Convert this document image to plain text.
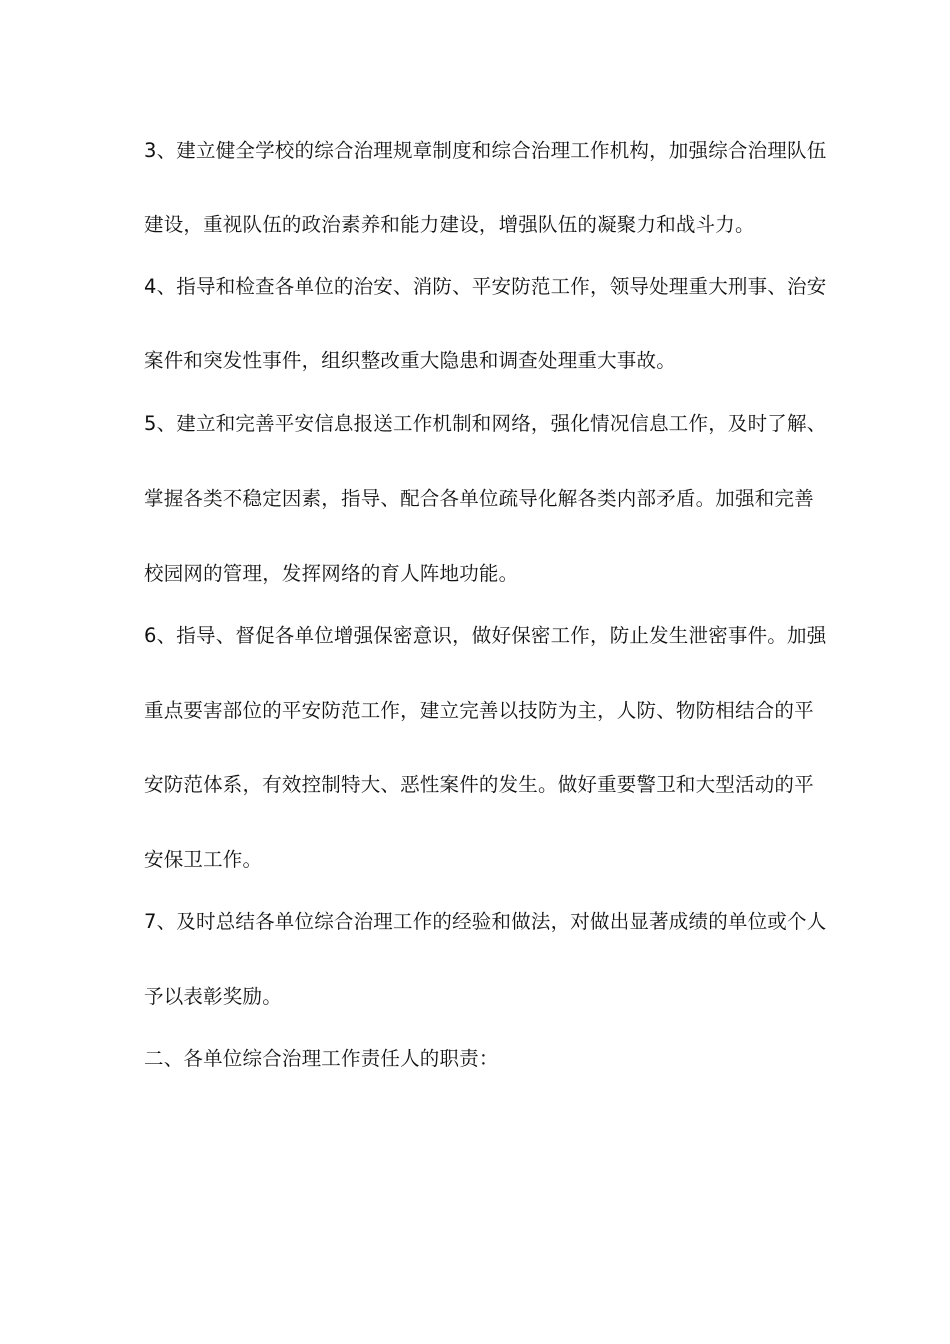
3、建立健全学校的综合治理规章制度和综合治理工作机构，加强综合治理队伍
建设，重视队伍的政治素养和能力建设，增强队伍的凝聚力和战斗力。
4、指导和检查各单位的治安、消防、平安防范工作，领导处理重大刑事、治安
案件和突发性事件，组织整改重大隐患和调查处理重大事故。
5、建立和完善平安信息报送工作机制和网络，强化情况信息工作，及时了解、
掌握各类不稳定因素，指导、配合各单位疏导化解各类内部矛盾。加强和完善
校园网的管理，发挥网络的育人阵地功能。
6、指导、督促各单位增强保密意识，做好保密工作，防止发生泄密事件。加强
重点要害部位的平安防范工作，建立完善以技防为主，人防、物防相结合的平
安防范体系，有效控制特大、恶性案件的发生。做好重要警卫和大型活动的平
安保卫工作。
7、及时总结各单位综合治理工作的经验和做法，对做出显著成绩的单位或个人
予以表彰奖励。
二、各单位综合治理工作责任人的职责：
